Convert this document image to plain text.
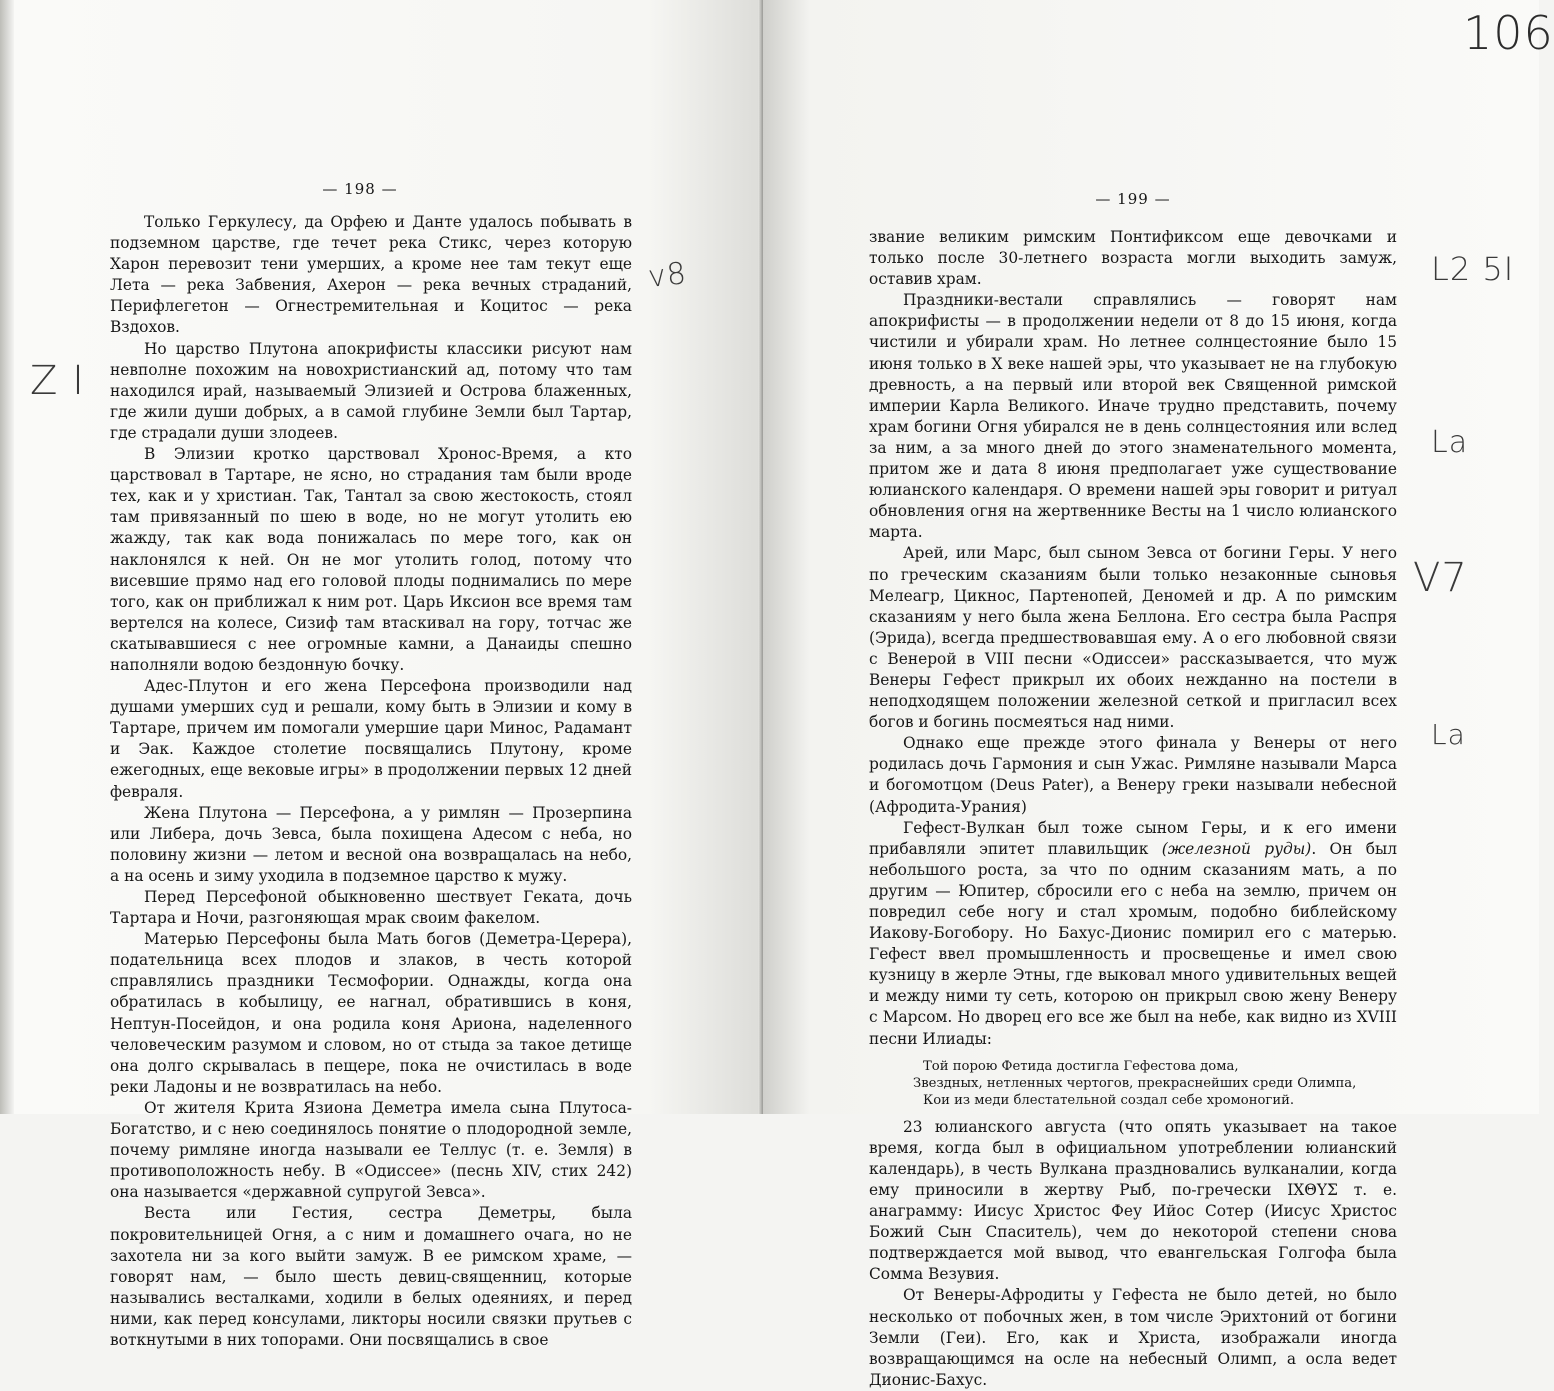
— 198 —

Только Геркулесу, да Орфею и Данте удалось побывать в подземном царстве, где течет река Стикс, через которую Харон перевозит тени умерших, а кроме нее там текут еще Лета — река Забвения, Ахерон — река вечных страданий, Перифлегетон — Огнестремительная и Коцитос — река Вздохов.

Но царство Плутона апокрифисты классики рисуют нам невполне похожим на новохристианский ад, потому что там находился ирай, называемый Элизией и Острова блаженных, где жили души добрых, а в самой глубине Земли был Тартар, где страдали души злодеев.

В Элизии кротко царствовал Хронос-Время, а кто царствовал в Тартаре, не ясно, но страдания там были вроде тех, как и у христиан. Так, Тантал за свою жестокость, стоял там привязанный по шею в воде, но не могут утолить ею жажду, так как вода понижалась по мере того, как он наклонялся к ней. Он не мог утолить голод, потому что висевшие прямо над его головой плоды поднимались по мере того, как он приближал к ним рот. Царь Иксион все время там вертелся на колесе, Сизиф там втаскивал на гору, тотчас же скатывавшиеся с нее огромные камни, а Данаиды спешно наполняли водою бездонную бочку.

Адес-Плутон и его жена Персефона производили над душами умерших суд и решали, кому быть в Элизии и кому в Тартаре, причем им помогали умершие цари Минос, Радамант и Эак. Каждое столетие посвящались Плутону, кроме ежегодных, еще вековые игры» в продолжении первых 12 дней февраля.

Жена Плутона — Персефона, а у римлян — Прозерпина или Либера, дочь Зевса, была похищена Адесом с неба, но половину жизни — летом и весной она возвращалась на небо, а на осень и зиму уходила в подземное царство к мужу.

Перед Персефоной обыкновенно шествует Геката, дочь Тартара и Ночи, разгоняющая мрак своим факелом.

Матерью Персефоны была Мать богов (Деметра-Церера), подательница всех плодов и злаков, в честь которой справлялись праздники Тесмофории. Однажды, когда она обратилась в кобылицу, ее нагнал, обратившись в коня, Нептун-Посейдон, и она родила коня Ариона, наделенного человеческим разумом и словом, но от стыда за такое детище она долго скрывалась в пещере, пока не очистилась в воде реки Ладоны и не возвратилась на небо.

От жителя Крита Язиона Деметра имела сына Плутоса-Богатство, и с нею соединялось понятие о плодородной земле, почему римляне иногда называли ее Теллус (т. е. Земля) в противоположность небу. В «Одиссее» (песнь XIV, стих 242) она называется «державной супругой Зевса».

Веста или Гестия, сестра Деметры, была покровительницей Огня, а с ним и домашнего очага, но не захотела ни за кого выйти замуж. В ее римском храме, — говорят нам, — было шесть девиц-священниц, которые назывались весталками, ходили в белых одеяниях, и перед ними, как перед консулами, ликторы носили связки прутьев с воткнутыми в них топорами. Они посвящались в свое

v8
Z I
106
— 199 —

звание великим римским Понтификсом еще девочками и только после 30-летнего возраста могли выходить замуж, оставив храм.

Праздники-вестали справлялись — говорят нам апокрифисты — в продолжении недели от 8 до 15 июня, когда чистили и убирали храм. Но летнее солнцестояние было 15 июня только в X веке нашей эры, что указывает не на глубокую древность, а на первый или второй век Священной римской империи Карла Великого. Иначе трудно представить, почему храм богини Огня убирался не в день солнцестояния или вслед за ним, а за много дней до этого знаменательного момента, притом же и дата 8 июня предполагает уже существование юлианского календаря. О времени нашей эры говорит и ритуал обновления огня на жертвеннике Весты на 1 число юлианского марта.

Арей, или Марс, был сыном Зевса от богини Геры. У него по греческим сказаниям были только незаконные сыновья Мелеагр, Цикнос, Партенопей, Деномей и др. А по римским сказаниям у него была жена Беллона. Его сестра была Распря (Эрида), всегда предшествовавшая ему. А о его любовной связи с Венерой в VIII песни «Одиссеи» рассказывается, что муж Венеры Гефест прикрыл их обоих нежданно на постели в неподходящем положении железной сеткой и пригласил всех богов и богинь посмеяться над ними.

Однако еще прежде этого финала у Венеры от него родилась дочь Гармония и сын Ужас. Римляне называли Марса и богомотцом (Deus Pater), а Венеру греки называли небесной (Афродита-Урания)

Гефест-Вулкан был тоже сыном Геры, и к его имени прибавляли эпитет плавильщик (железной руды). Он был небольшого роста, за что по одним сказаниям мать, а по другим — Юпитер, сбросили его с неба на землю, причем он повредил себе ногу и стал хромым, подобно библейскому Иакову-Богобору. Но Бахус-Дионис помирил его с матерью. Гефест ввел промышленность и просвещенье и имел свою кузницу в жерле Этны, где выковал много удивительных вещей и между ними ту сеть, которою он прикрыл свою жену Венеру с Марсом. Но дворец его все же был на небе, как видно из XVIII песни Илиады:

Той порою Фетида достигла Гефестова дома,
Звездных, нетленных чертогов, прекраснейших среди Олимпа,
Кои из меди блестательной создал себе хромоногий.

23 юлианского августа (что опять указывает на такое время, когда был в официальном употреблении юлианский календарь), в честь Вулкана праздновались вулканалии, когда ему приносили в жертву Рыб, по-гречески ΙΧΘΥΣ т. е. анаграмму: Иисус Христос Феу Ийос Сотер (Иисус Христос Божий Сын Спаситель), чем до некоторой степени снова подтверждается мой вывод, что евангельская Голгофа была Сомма Везувия.

От Венеры-Афродиты у Гефеста не было детей, но было несколько от побочных жен, в том числе Эрихтоний от богини Земли (Геи). Его, как и Христа, изображали иногда возвращающимся на осле на небесный Олимп, а осла ведет Дионис-Бахус.

L2 5I
La
V7
La
